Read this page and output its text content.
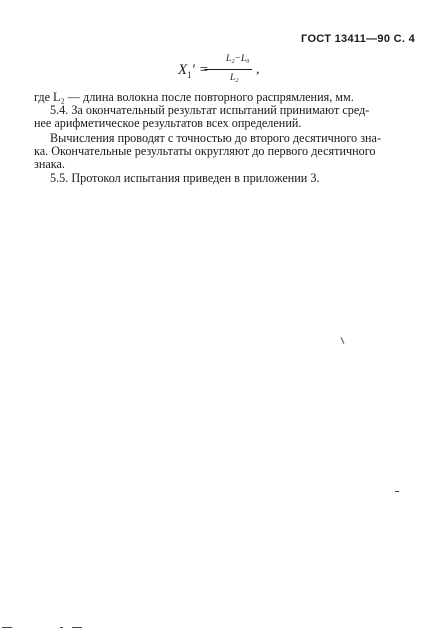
ГОСТ 13411—90 С. 4
$X_1'$ =
L₂−L₀
L₂
,
где L₂ — длина волокна после повторного распрямления, мм.
5.4. За окончательный результат испытаний принимают сред-
нее арифметическое результатов всех определений.
Вычисления проводят с точностью до второго десятичного зна-
ка. Окончательные результаты округляют до первого десятичного
знака.
5.5. Протокол испытания приведен в приложении 3.
